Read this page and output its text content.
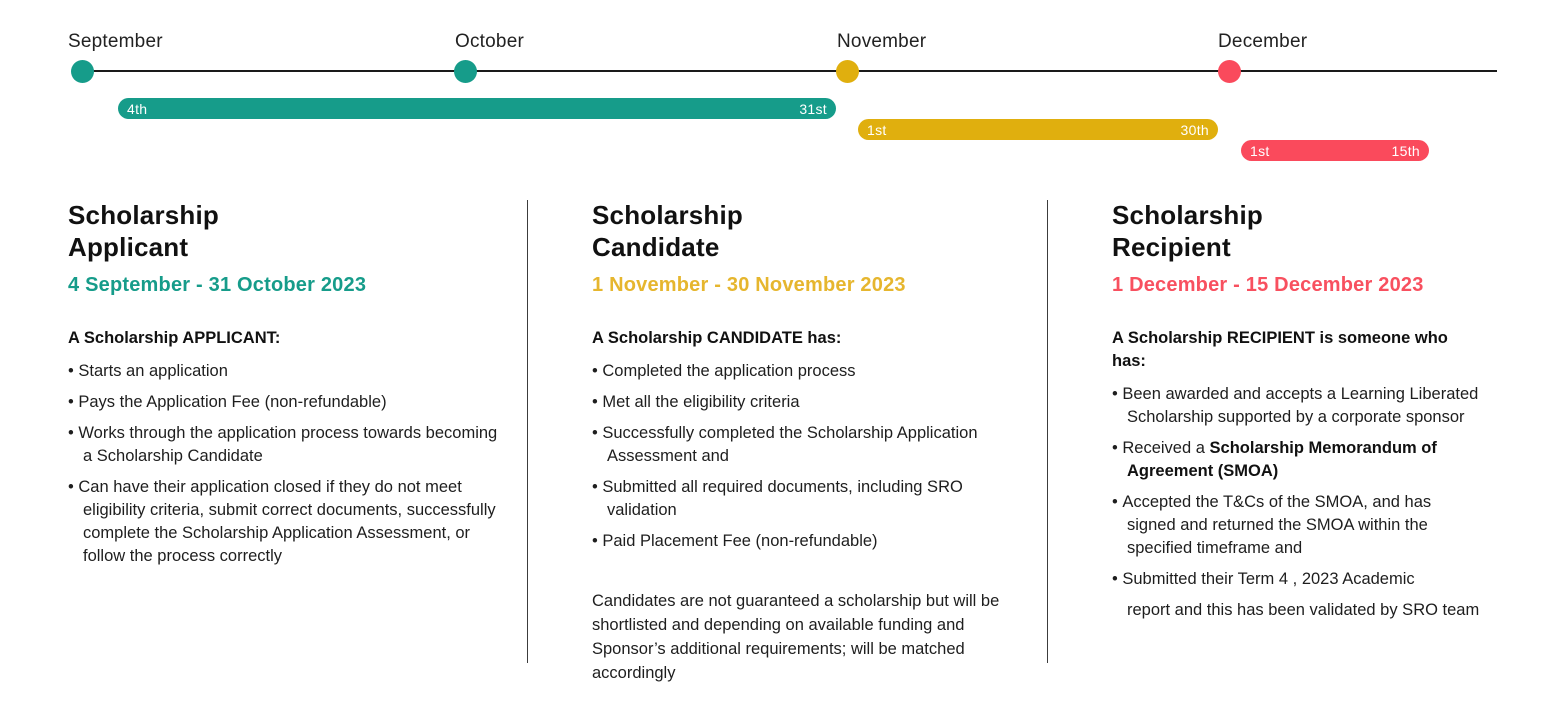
September	October	November	December
4th	31st
1st	30th
1st	15th
Scholarship
Applicant

4 September - 31 October 2023

A Scholarship APPLICANT:

• Starts an application
• Pays the Application Fee (non-refundable)
• Works through the application process towards becoming a Scholarship Candidate
• Can have their application closed if they do not meet eligibility criteria, submit correct documents, successfully complete the Scholarship Application Assessment, or follow the process correctly
Scholarship
Candidate

1 November - 30 November 2023

A Scholarship CANDIDATE has:

• Completed the application process
• Met all the eligibility criteria
• Successfully completed the Scholarship Application Assessment and
• Submitted all required documents, including SRO validation
• Paid Placement Fee (non-refundable)

Candidates are not guaranteed a scholarship but will be shortlisted and depending on available funding and Sponsor’s additional requirements; will be matched accordingly

Scholarship
Recipient

1 December - 15 December 2023

A Scholarship RECIPIENT is someone who has:

• Been awarded and accepts a Learning Liberated Scholarship supported by a corporate sponsor
• Received a Scholarship Memorandum of Agreement (SMOA)
• Accepted the T&Cs of the SMOA, and has signed and returned the SMOA within the specified timeframe and
• Submitted their Term 4 , 2023 Academic
report and this has been validated by SRO team
